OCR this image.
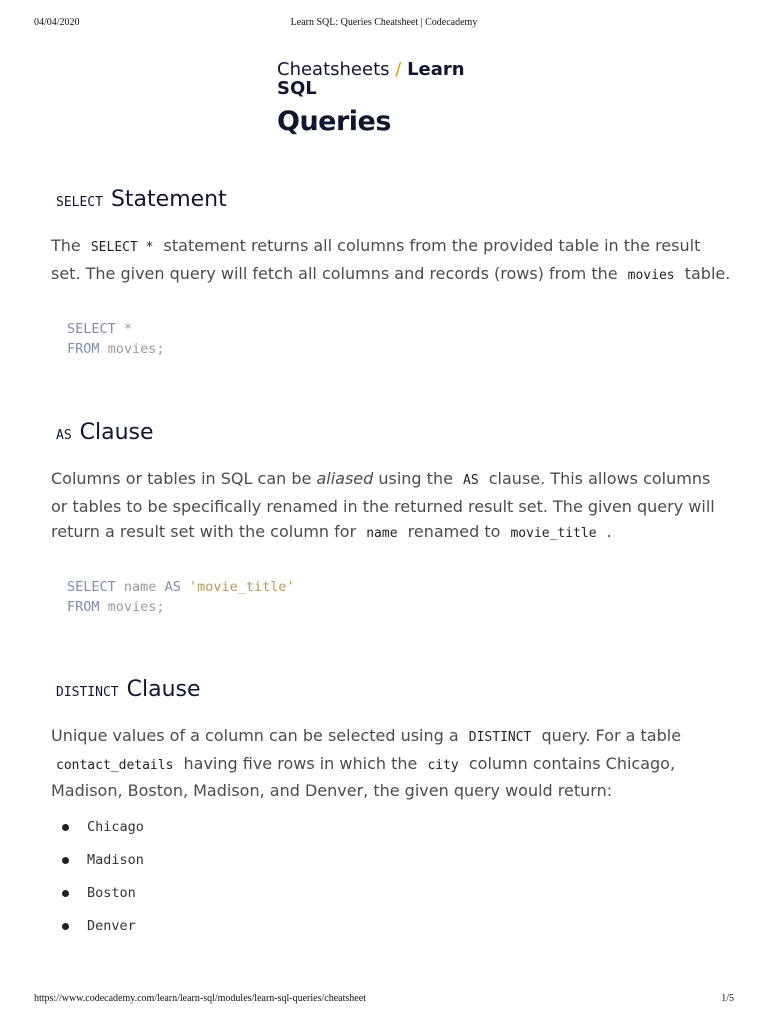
04/04/2020	Learn SQL: Queries Cheatsheet | Codecademy
Cheatsheets / Learn
SQL
Queries
SELECT Statement

The SELECT * statement returns all columns from the provided table in the result set. The given query will fetch all columns and records (rows) from the movies table.

SELECT *
FROM movies;
AS Clause

Columns or tables in SQL can be aliased using the AS clause. This allows columns or tables to be specifically renamed in the returned result set. The given query will return a result set with the column for name renamed to movie_title .

SELECT name AS 'movie_title'
FROM movies;
DISTINCT Clause

Unique values of a column can be selected using a DISTINCT query. For a table contact_details having five rows in which the city column contains Chicago, Madison, Boston, Madison, and Denver, the given query would return:

Chicago
Madison
Boston
Denver
https://www.codecademy.com/learn/learn-sql/modules/learn-sql-queries/cheatsheet	1/5
